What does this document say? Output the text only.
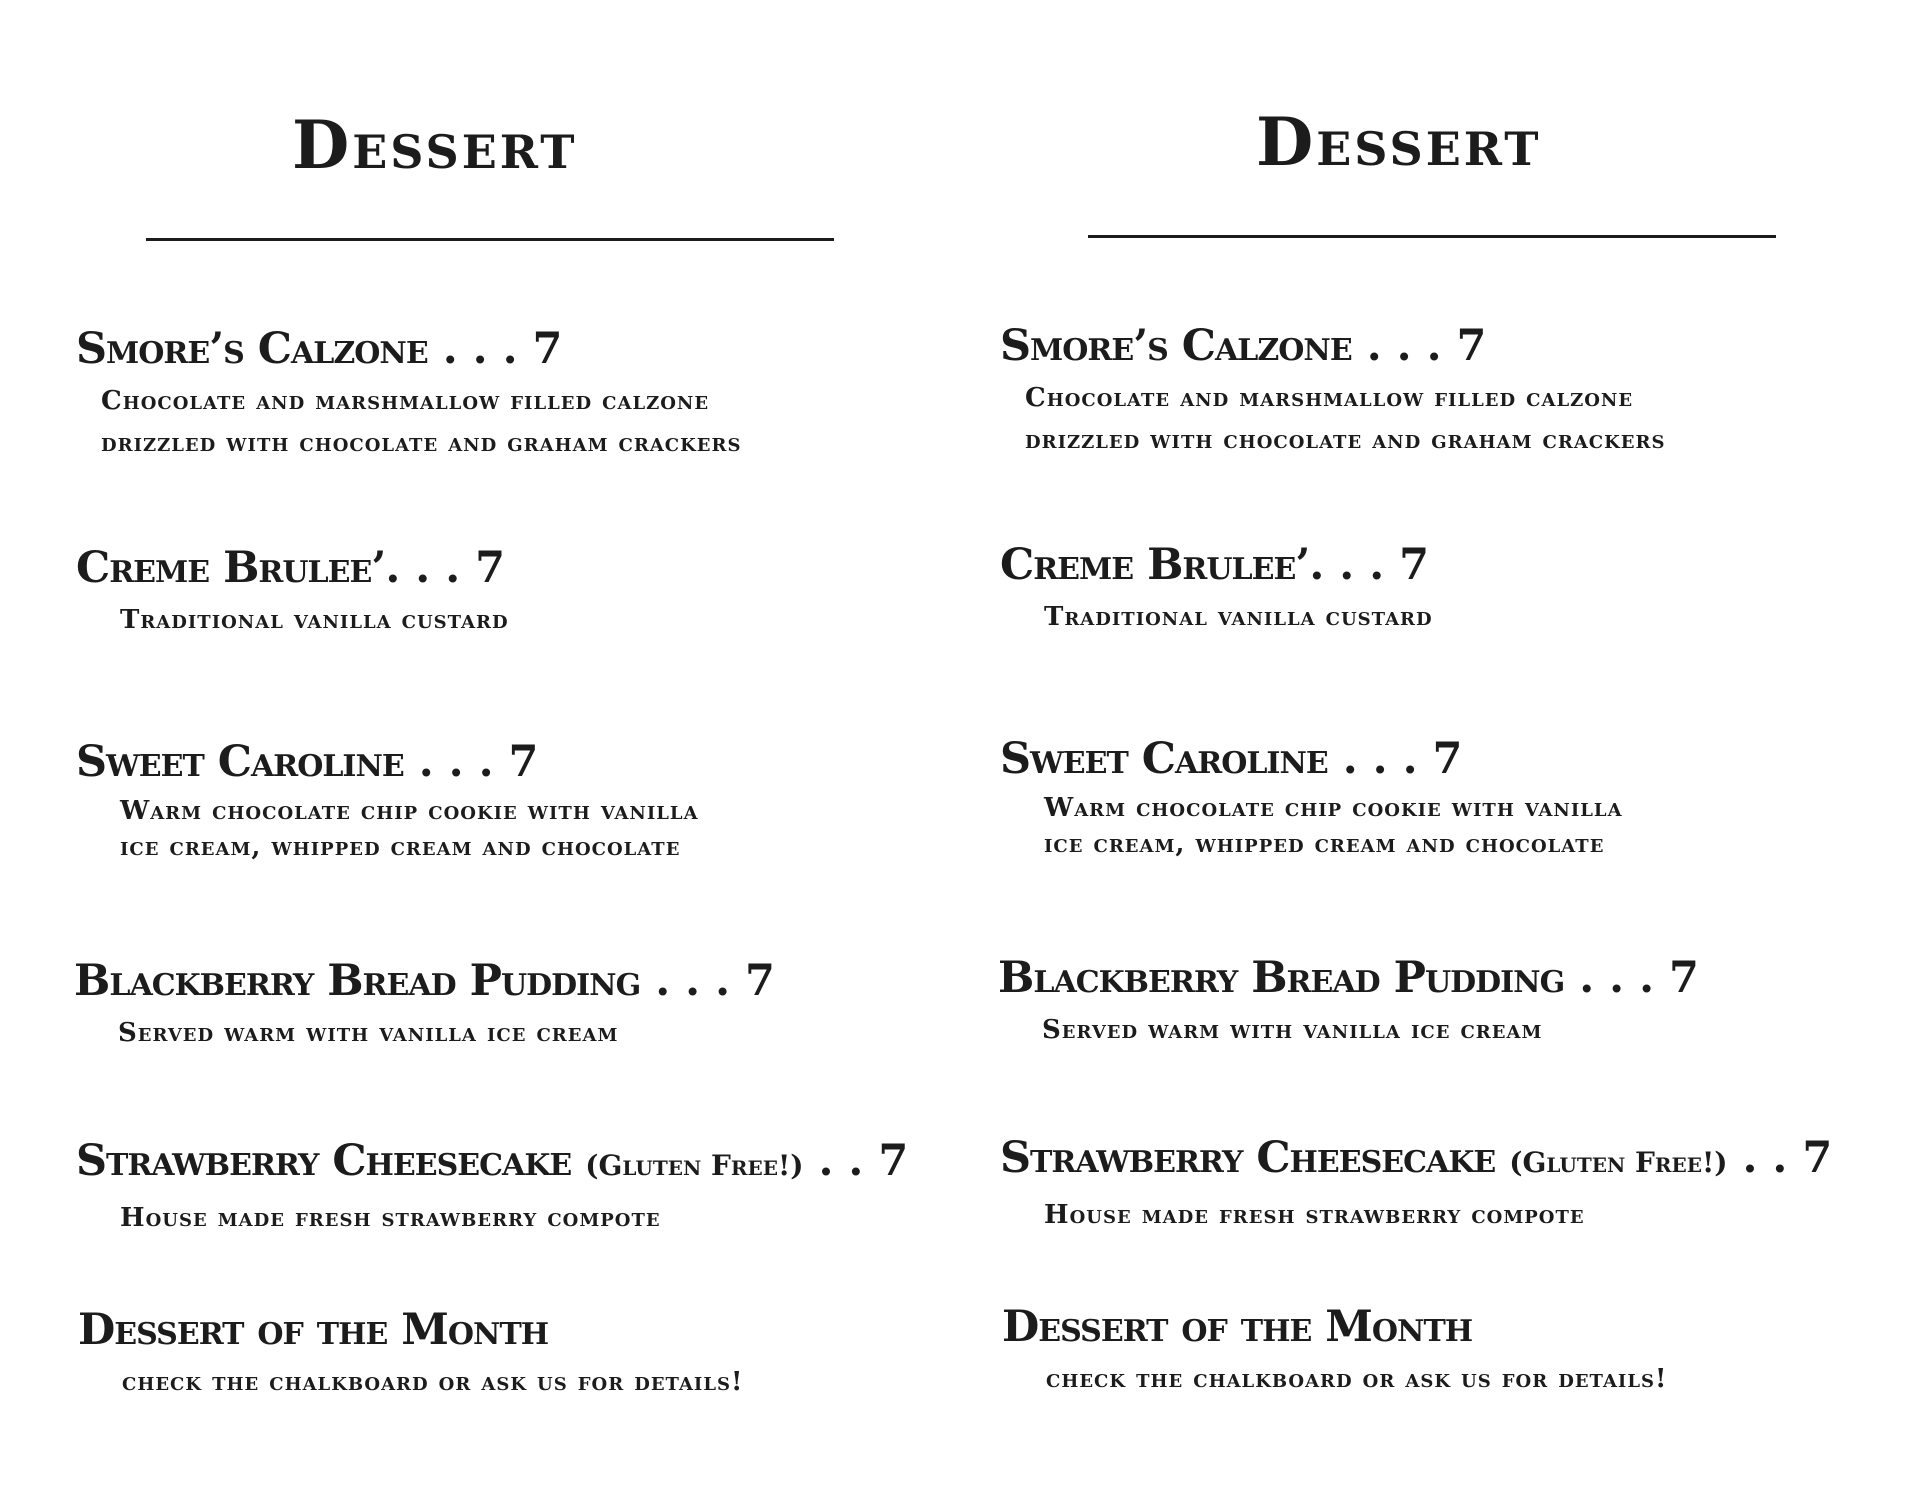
Dessert
Smore’s Calzone . . . 7
Chocolate and marshmallow filled calzone
drizzled with chocolate and graham crackers
Creme Brulee’. . . 7
Traditional vanilla custard
Sweet Caroline . . . 7
Warm chocolate chip cookie with vanilla
ice cream, whipped cream and chocolate
Blackberry Bread Pudding . . . 7
Served warm with vanilla ice cream
Strawberry Cheesecake (Gluten Free!) . . 7
House made fresh strawberry compote
Dessert of the Month
check the chalkboard or ask us for details!
Dessert
Smore’s Calzone . . . 7
Chocolate and marshmallow filled calzone
drizzled with chocolate and graham crackers
Creme Brulee’. . . 7
Traditional vanilla custard
Sweet Caroline . . . 7
Warm chocolate chip cookie with vanilla
ice cream, whipped cream and chocolate
Blackberry Bread Pudding . . . 7
Served warm with vanilla ice cream
Strawberry Cheesecake (Gluten Free!) . . 7
House made fresh strawberry compote
Dessert of the Month
check the chalkboard or ask us for details!
